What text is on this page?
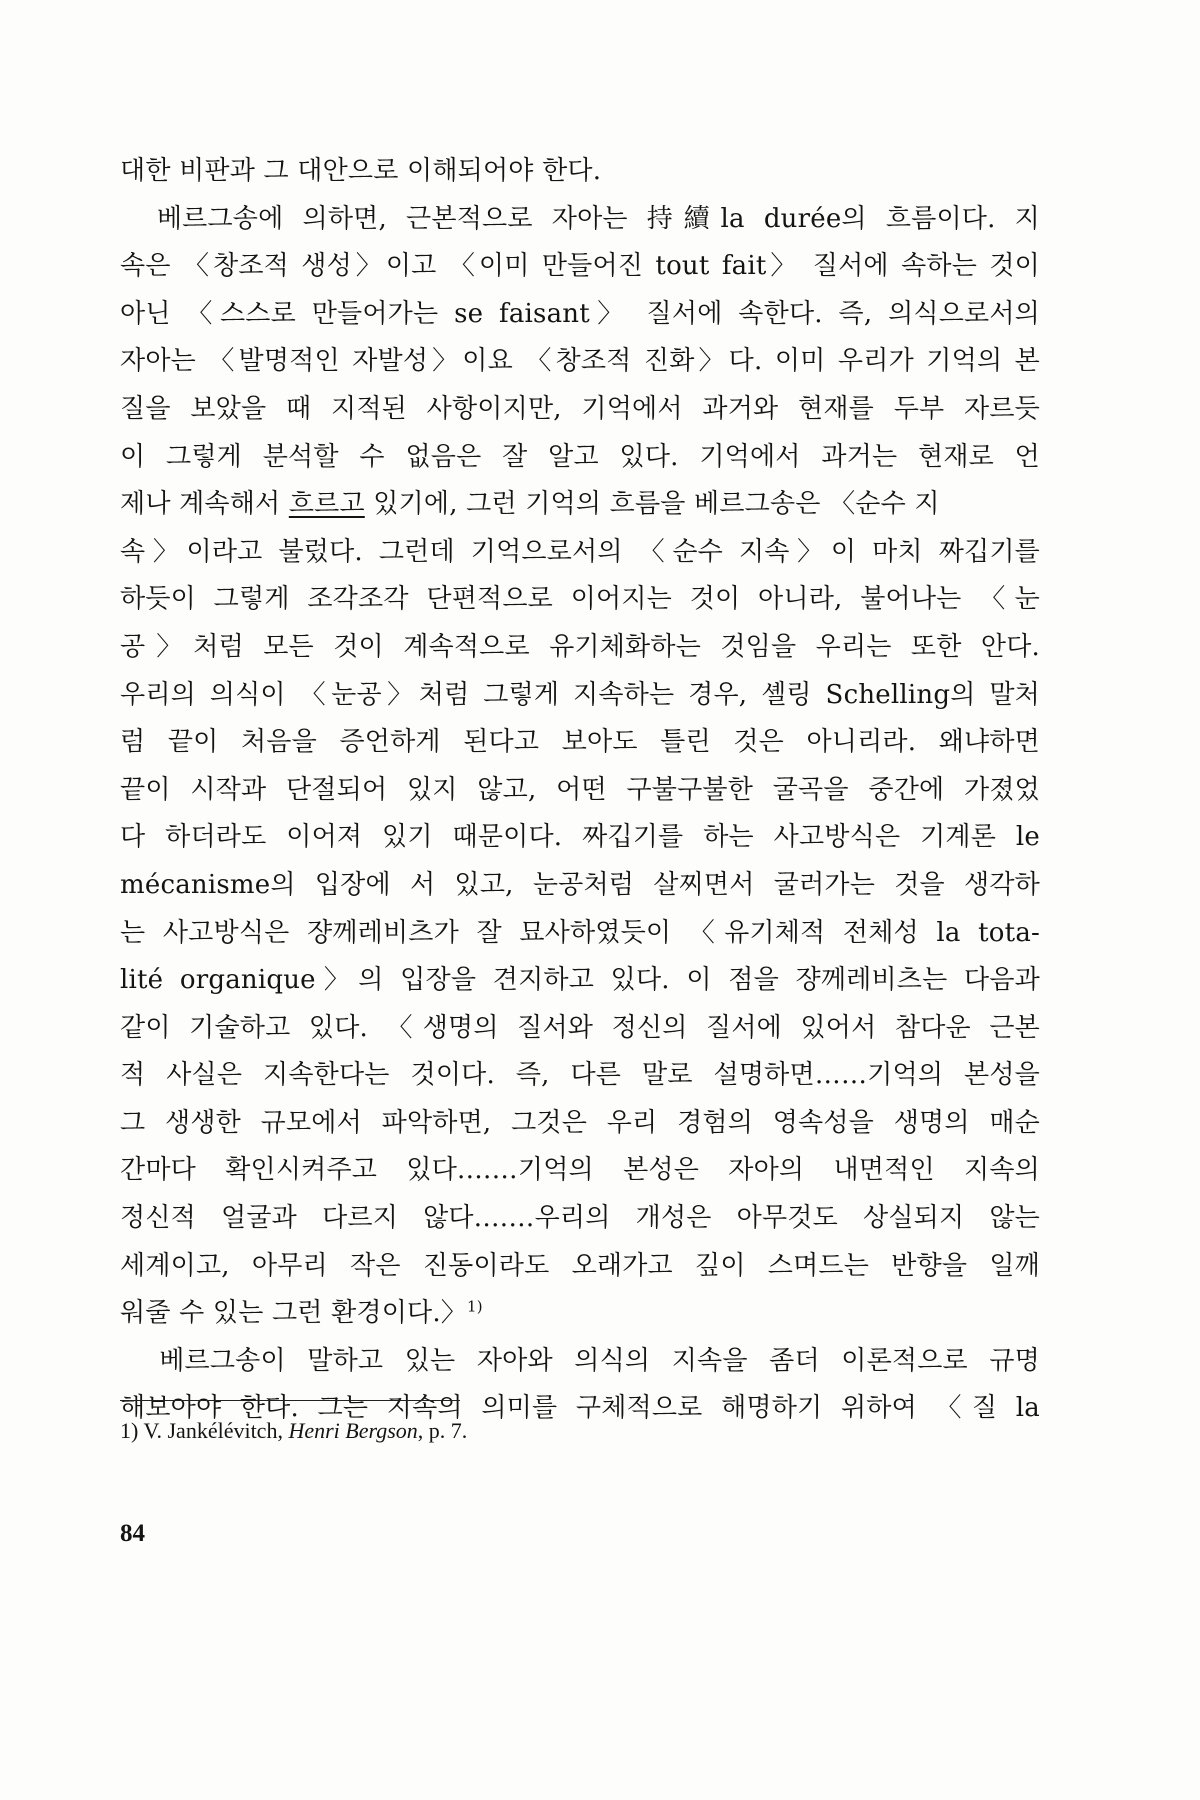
대한 비판과 그 대안으로 이해되어야 한다.
　베르그송에 의하면, 근본적으로 자아는 持續la durée의 흐름이다. 지
속은 〈창조적 생성〉이고 〈이미 만들어진 tout fait〉 질서에 속하는 것이
아닌 〈스스로 만들어가는 se faisant〉 질서에 속한다. 즉, 의식으로서의
자아는 〈발명적인 자발성〉이요 〈창조적 진화〉다. 이미 우리가 기억의 본
질을 보았을 때 지적된 사항이지만, 기억에서 과거와 현재를 두부 자르듯
이 그렇게 분석할 수 없음은 잘 알고 있다. 기억에서 과거는 현재로 언
제나 계속해서 흐르고 있기에, 그런 기억의 흐름을 베르그송은 〈순수 지
속〉이라고 불렀다. 그런데 기억으로서의 〈순수 지속〉이 마치 짜깁기를
하듯이 그렇게 조각조각 단편적으로 이어지는 것이 아니라, 불어나는 〈눈
공〉처럼 모든 것이 계속적으로 유기체화하는 것임을 우리는 또한 안다.
우리의 의식이 〈눈공〉처럼 그렇게 지속하는 경우, 셸링 Schelling의 말처
럼 끝이 처음을 증언하게 된다고 보아도 틀린 것은 아니리라. 왜냐하면
끝이 시작과 단절되어 있지 않고, 어떤 구불구불한 굴곡을 중간에 가졌었
다 하더라도 이어져 있기 때문이다. 짜깁기를 하는 사고방식은 기계론 le
mécanisme의 입장에 서 있고, 눈공처럼 살찌면서 굴러가는 것을 생각하
는 사고방식은 쟝께레비츠가 잘 묘사하였듯이 〈유기체적 전체성 la tota-
lité organique〉의 입장을 견지하고 있다. 이 점을 쟝께레비츠는 다음과
같이 기술하고 있다. 〈생명의 질서와 정신의 질서에 있어서 참다운 근본
적 사실은 지속한다는 것이다. 즉, 다른 말로 설명하면……기억의 본성을
그 생생한 규모에서 파악하면, 그것은 우리 경험의 영속성을 생명의 매순
간마다 확인시켜주고 있다.……기억의 본성은 자아의 내면적인 지속의
정신적 얼굴과 다르지 않다.……우리의 개성은 아무것도 상실되지 않는
세계이고, 아무리 작은 진동이라도 오래가고 깊이 스며드는 반향을 일깨
워줄 수 있는 그런 환경이다.〉$^{1)}$
　베르그송이 말하고 있는 자아와 의식의 지속을 좀더 이론적으로 규명
해보아야 한다. 그는 지속의 의미를 구체적으로 해명하기 위하여 〈질 la
1) V. Jankélévitch, Henri Bergson, p. 7.
84
